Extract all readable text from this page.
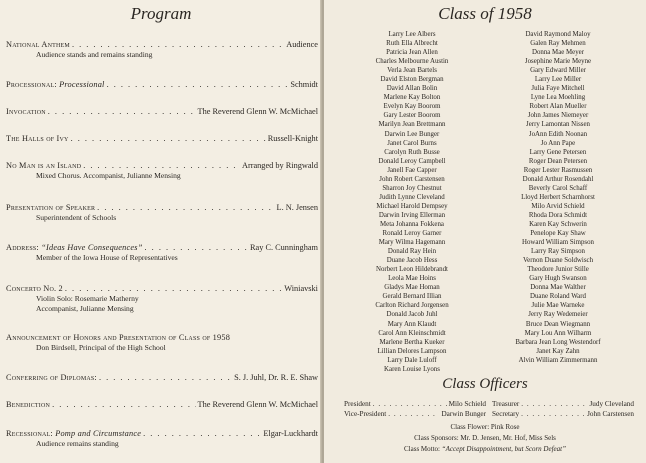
Program
National Anthem . . .	Audience
Audience stands and remains standing
Processional: Processional . . .	Schmidt
Invocation . . .	The Reverend Glenn W. McMichael
The Halls of Ivy . . .	Russell-Knight
No Man is an Island . . .	Arranged by Ringwald
Mixed Chorus. Accompanist, Julianne Mensing
Presentation of Speaker . . .	L. N. Jensen
Superintendent of Schools
Address: “Ideas Have Consequences” . . .	Ray C. Cunningham
Member of the Iowa House of Representatives
Concerto No. 2 . . .	Winiavski
Violin Solo: Rosemarie Matherny
Accompanist, Julianne Mensing
Announcement of Honors and Presentation of Class of 1958
Don Birdsell, Principal of the High School
Conferring of Diplomas: . . .	S. J. Juhl, Dr. R. E. Shaw
Benediction . . .	The Reverend Glenn W. McMichael
Recessional: Pomp and Circumstance . . .	Elgar-Luckhardt
Audience remains standing
Class of 1958
Larry Lee Albers
Ruth Ella Albrecht
Patricia Jean Allen
Charles Melbourne Austin
Verla Jean Bartels
David Elston Bergman
David Allan Bolin
Marlene Kay Bolton
Evelyn Kay Boorom
Gary Lester Boorom
Marilyn Jean Brettmann
Darwin Lee Bunger
Janet Carol Burns
Carolyn Ruth Busse
Donald Leroy Campbell
Janell Fae Capper
John Robert Carstensen
Sharron Joy Chestnut
Judith Lynne Cleveland
Michael Harold Dempsey
Darwin Irving Ellerman
Meta Johanna Fokkena
Ronald Leroy Garner
Mary Wilma Hagemann
Donald Ray Hein
Duane Jacob Hess
Norbert Leon Hildebrandt
Leola Mae Hoins
Gladys Mae Homan
Gerald Bernard Illian
Carlton Richard Jorgensen
Donald Jacob Juhl
Mary Ann Klaudt
Carol Ann Kleinschmidt
Marlene Bertha Kueker
Lillian Delores Lampson
Larry Dale Luloff
Karen Louise Lyons
David Raymond Maloy
Galen Ray Mehmen
Donna Mae Meyer
Josephine Marie Meyne
Gary Edward Miller
Larry Lee Miller
Julia Faye Mitchell
Lyne Lea Moehling
Robert Alan Mueller
John James Niemeyer
Jerry Lamontan Nissen
JoAnn Edith Noonan
Jo Ann Pape
Larry Gene Petersen
Roger Dean Petersen
Roger Lester Rasmussen
Donald Arthur Rosendahl
Beverly Carol Schaff
Lloyd Herbert Scharnhorst
Milo Arvid Schield
Rhoda Dora Schmidt
Karen Kay Schwerin
Penelope Kay Shaw
Howard William Simpson
Larry Ray Simpson
Vernon Duane Soldwisch
Theodore Junior Stille
Gary Hugh Swanson
Donna Mae Walther
Duane Roland Ward
Julie Mae Warneke
Jerry Ray Wedemeier
Bruce Dean Wiegmann
Mary Lou Ann Wilharm
Barbara Jean Long Westendorf
Janet Kay Zahn
Alvin William Zimmermann
Class Officers
President . . .	Milo Schield Treasurer . . .	Judy Cleveland
Vice-President . . .	Darwin Bunger Secretary . . .	John Carstensen
Class Flower: Pink Rose
Class Sponsors: Mr. D. Jensen, Mr. Hof, Miss Sels
Class Motto: “Accept Disappointment, but Scorn Defeat”
